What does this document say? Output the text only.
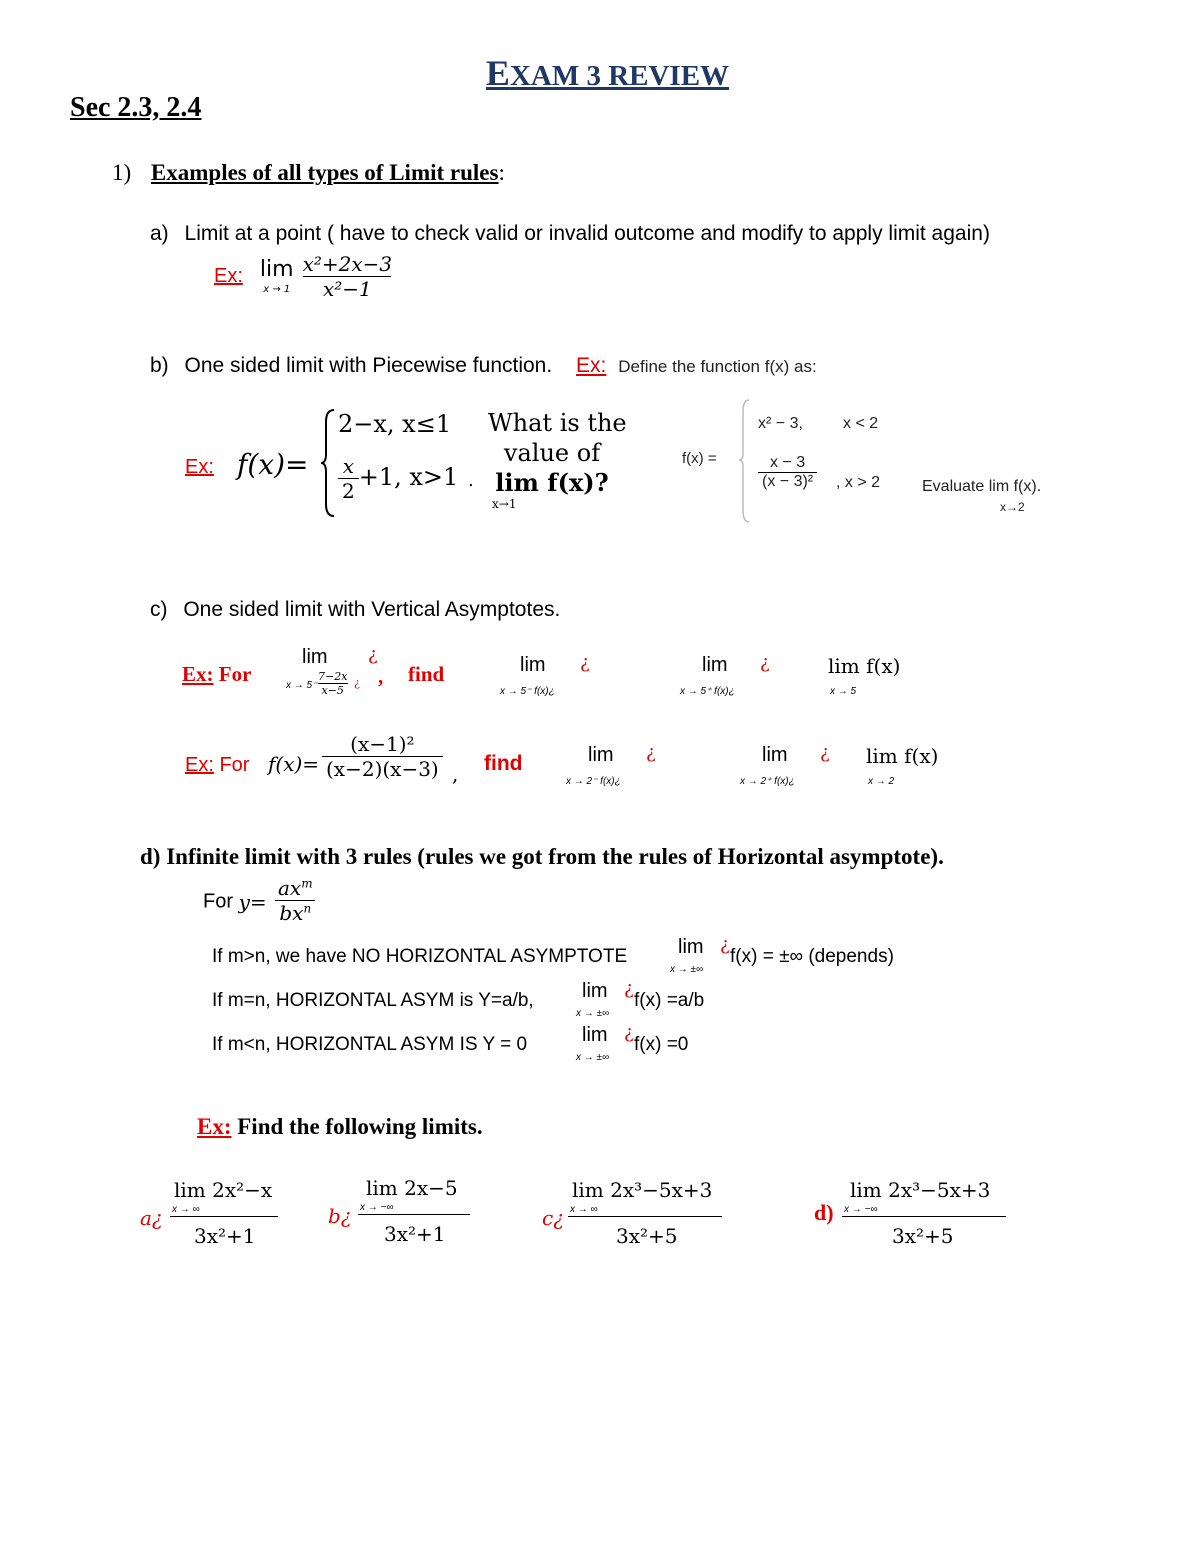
EXAM 3 REVIEW
Sec 2.3, 2.4
1) Examples of all types of Limit rules:
a) Limit at a point ( have to check valid or invalid outcome and modify to apply limit again)
Ex: lim
x → 1
$\frac{\text{x²+2x−3}}{\text{x²−1}}$
b) One sided limit with Piecewise function. Ex: Define the function f(x) as:
Ex: f(x)=
2−x, x≤1
$\frac{x}{2} +1$, x>1 .
What is the
value of
lim f(x)?
x→1
f(x) =
x² − 3,	x < 2
$\frac{x - 3}{\text{(x − 3)²}}$ , x > 2	Evaluate lim f(x).
x→2
c) One sided limit with Vertical Asymptotes.
Ex: For
lim ¿
x → 5⁻
$\frac{7-2x}{x-5}$ ¿ , find	lim ¿
x → 5⁻ f(x)¿
lim ¿
x → 5⁺ f(x)¿
lim f(x)
x → 5
Ex: For $f(x)= \frac{\text{(x−1)²}}{(x-2)(x-3)}$ , find	lim ¿
x → 2⁻ f(x)¿
lim ¿
x → 2⁺ f(x)¿
lim f(x)
x → 2
d) Infinite limit with 3 rules (rules we got from the rules of Horizontal asymptote).
For $y= \frac{ax^m}{bx^n}$
If m>n, we have NO HORIZONTAL ASYMPTOTE	lim ¿
x → ±∞
f(x) = ±∞ (depends)
If m=n, HORIZONTAL ASYM is Y=a/b, lim ¿
x → ±∞
f(x) =a/b
If m<n, HORIZONTAL ASYM IS Y = 0	lim ¿
x → ±∞
f(x) =0
Ex: Find the following limits.
a¿
lim 2x²−x
x → ∞
3x²+1
b¿
lim 2x−5
x → −∞
3x²+1
c¿
lim 2x³−5x+3
x → ∞
3x²+5
d)
lim 2x³−5x+3
x → −∞
3x²+5
